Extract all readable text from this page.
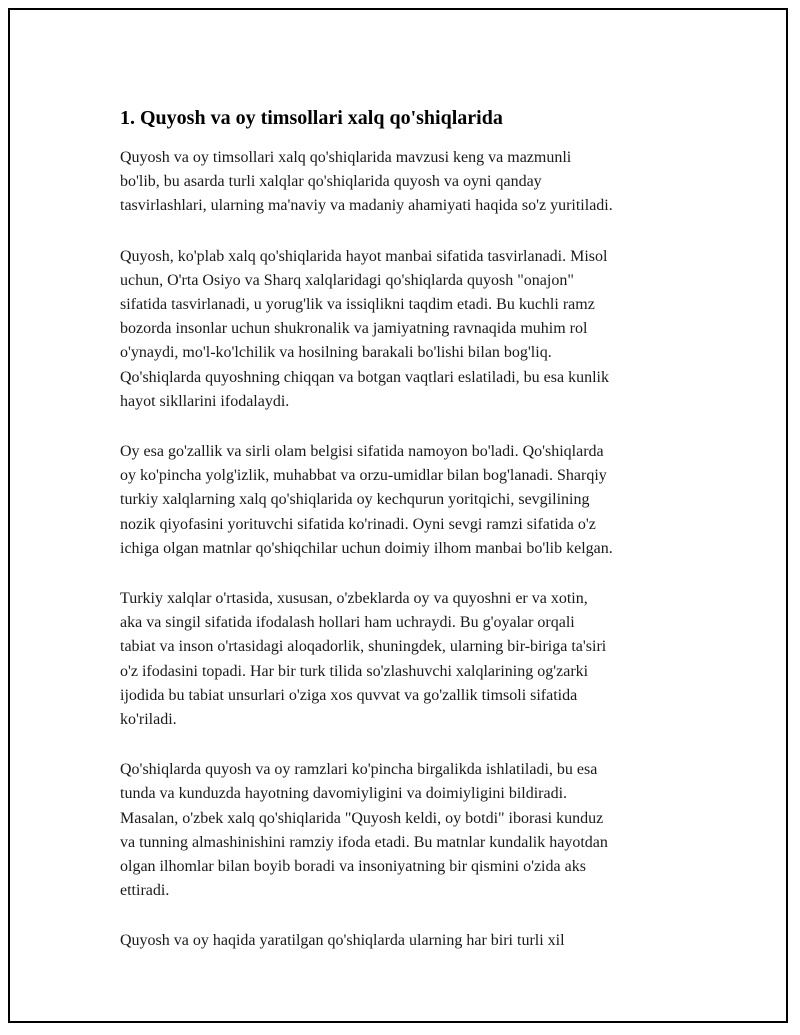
1. Quyosh va oy timsollari xalq qo'shiqlarida

Quyosh va oy timsollari xalq qo'shiqlarida mavzusi keng va mazmunli
bo'lib, bu asarda turli xalqlar qo'shiqlarida quyosh va oyni qanday
tasvirlashlari, ularning ma'naviy va madaniy ahamiyati haqida so'z yuritiladi.

Quyosh, ko'plab xalq qo'shiqlarida hayot manbai sifatida tasvirlanadi. Misol
uchun, O'rta Osiyo va Sharq xalqlaridagi qo'shiqlarda quyosh "onajon"
sifatida tasvirlanadi, u yorug'lik va issiqlikni taqdim etadi. Bu kuchli ramz
bozorda insonlar uchun shukronalik va jamiyatning ravnaqida muhim rol
o'ynaydi, mo'l-ko'lchilik va hosilning barakali bo'lishi bilan bog'liq.
Qo'shiqlarda quyoshning chiqqan va botgan vaqtlari eslatiladi, bu esa kunlik
hayot sikllarini ifodalaydi.

Oy esa go'zallik va sirli olam belgisi sifatida namoyon bo'ladi. Qo'shiqlarda
oy ko'pincha yolg'izlik, muhabbat va orzu-umidlar bilan bog'lanadi. Sharqiy
turkiy xalqlarning xalq qo'shiqlarida oy kechqurun yoritqichi, sevgilining
nozik qiyofasini yorituvchi sifatida ko'rinadi. Oyni sevgi ramzi sifatida o'z
ichiga olgan matnlar qo'shiqchilar uchun doimiy ilhom manbai bo'lib kelgan.

Turkiy xalqlar o'rtasida, xususan, o'zbeklarda oy va quyoshni er va xotin,
aka va singil sifatida ifodalash hollari ham uchraydi. Bu g'oyalar orqali
tabiat va inson o'rtasidagi aloqadorlik, shuningdek, ularning bir-biriga ta'siri
o'z ifodasini topadi. Har bir turk tilida so'zlashuvchi xalqlarining og'zarki
ijodida bu tabiat unsurlari o'ziga xos quvvat va go'zallik timsoli sifatida
ko'riladi.

Qo'shiqlarda quyosh va oy ramzlari ko'pincha birgalikda ishlatiladi, bu esa
tunda va kunduzda hayotning davomiyligini va doimiyligini bildiradi.
Masalan, o'zbek xalq qo'shiqlarida "Quyosh keldi, oy botdi" iborasi kunduz
va tunning almashinishini ramziy ifoda etadi. Bu matnlar kundalik hayotdan
olgan ilhomlar bilan boyib boradi va insoniyatning bir qismini o'zida aks
ettiradi.

Quyosh va oy haqida yaratilgan qo'shiqlarda ularning har biri turli xil
